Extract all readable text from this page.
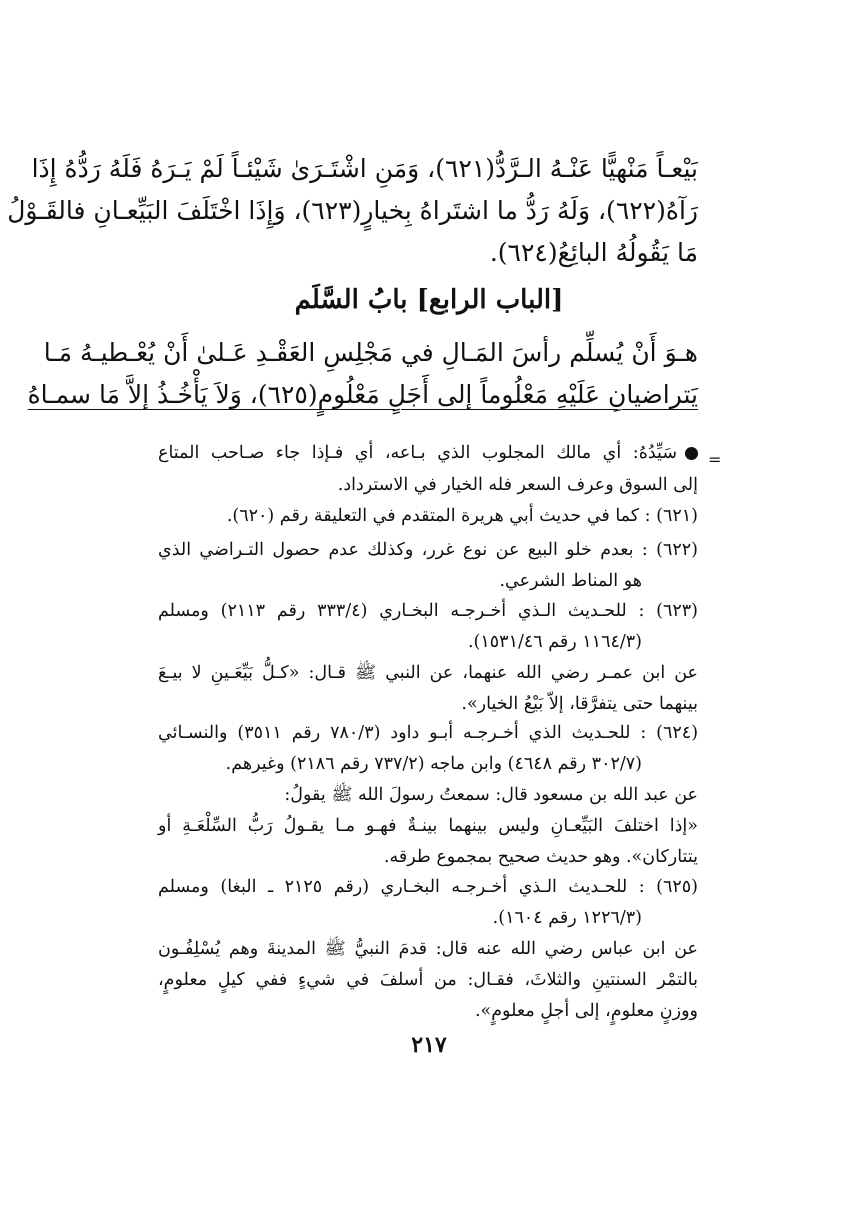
بَيْعـاً مَنْهيًّا عَنْـهُ الـرَّدُّ(٦٢١)، وَمَنِ اشْتَـرَىٰ شَيْئـاً لَمْ يَـرَهُ فَلَهُ رَدُّهُ إِذَا
رَآهُ(٦٢٢)، وَلَهُ رَدُّ ما اشتَراهُ بِخيارٍ(٦٢٣)، وَإِذَا اخْتَلَفَ البَيِّعـانِ فالقَـوْلُ
مَا يَقُولُهُ البائِعُ(٦٢٤).
[الباب الرابع] بابُ السَّلَم
هـوَ أَنْ يُسلِّم رأسَ المَـالِ في مَجْلِسِ العَقْـدِ عَـلىٰ أَنْ يُعْـطيـهُ مَـا
يَتراضيانِ عَلَيْهِ مَعْلُوماً إلى أَجَلٍ مَعْلُومٍ(٦٢٥)، وَلاَ يَأْخُـذُ إلاَّ مَا سمـاهُ
=
سَيِّدُهُ: أي مالك المجلوب الذي بـاعه، أي فـإذا جاء صـاحب المتاع
إلى السوق وعرف السعر فله الخيار في الاسترداد.
(٦٢١) : كما في حديث أبي هريرة المتقدم في التعليقة رقم (٦٢٠).
(٦٢٢) : بعدم خلو البيع عن نوع غرر، وكذلك عدم حصول التـراضي الذي
هو المناط الشرعي.
(٦٢٣) : للحـديث الـذي أخـرجـه البخـاري (٣٣٣/٤ رقم ٢١١٣) ومسلم
(١١٦٤/٣ رقم ١٥٣١/٤٦).
عن ابن عمـر رضي الله عنهما، عن النبي ﷺ قـال: «كـلُّ بَيِّعَـينِ لا بيـعَ
بينهما حتى يتفرَّقا، إلاّ بَيْعُ الخيار».
(٦٢٤) : للحـديث الذي أخـرجـه أبـو داود (٧٨٠/٣ رقم ٣٥١١) والنسـائي
(٣٠٢/٧ رقم ٤٦٤٨) وابن ماجه (٧٣٧/٢ رقم ٢١٨٦) وغيرهم.
عن عبد الله بن مسعود قال: سمعتُ رسولَ الله ﷺ يقولُ:
«إذا اختلفَ البَيِّعـانِ وليس بينهما بينـةٌ فهـو مـا يقـولُ رَبُّ السِّلْعَـةِ أو
يتتاركان». وهو حديث صحيح بمجموع طرقه.
(٦٢٥) : للحـديث الـذي أخـرجـه البخـاري (رقم ٢١٢٥ ـ البغا) ومسلم
(١٢٢٦/٣ رقم ١٦٠٤).
عن ابن عباس رضي الله عنه قال: قدمَ النبيُّ ﷺ المدينةَ وهم يُسْلِفُـون
بالتمْر السنتينِ والثلاثَ، فقـال: من أسلفَ في شيءٍ ففي كيلٍ معلومٍ،
ووزنٍ معلومٍ، إلى أجلٍ معلومٍ».
٢١٧
